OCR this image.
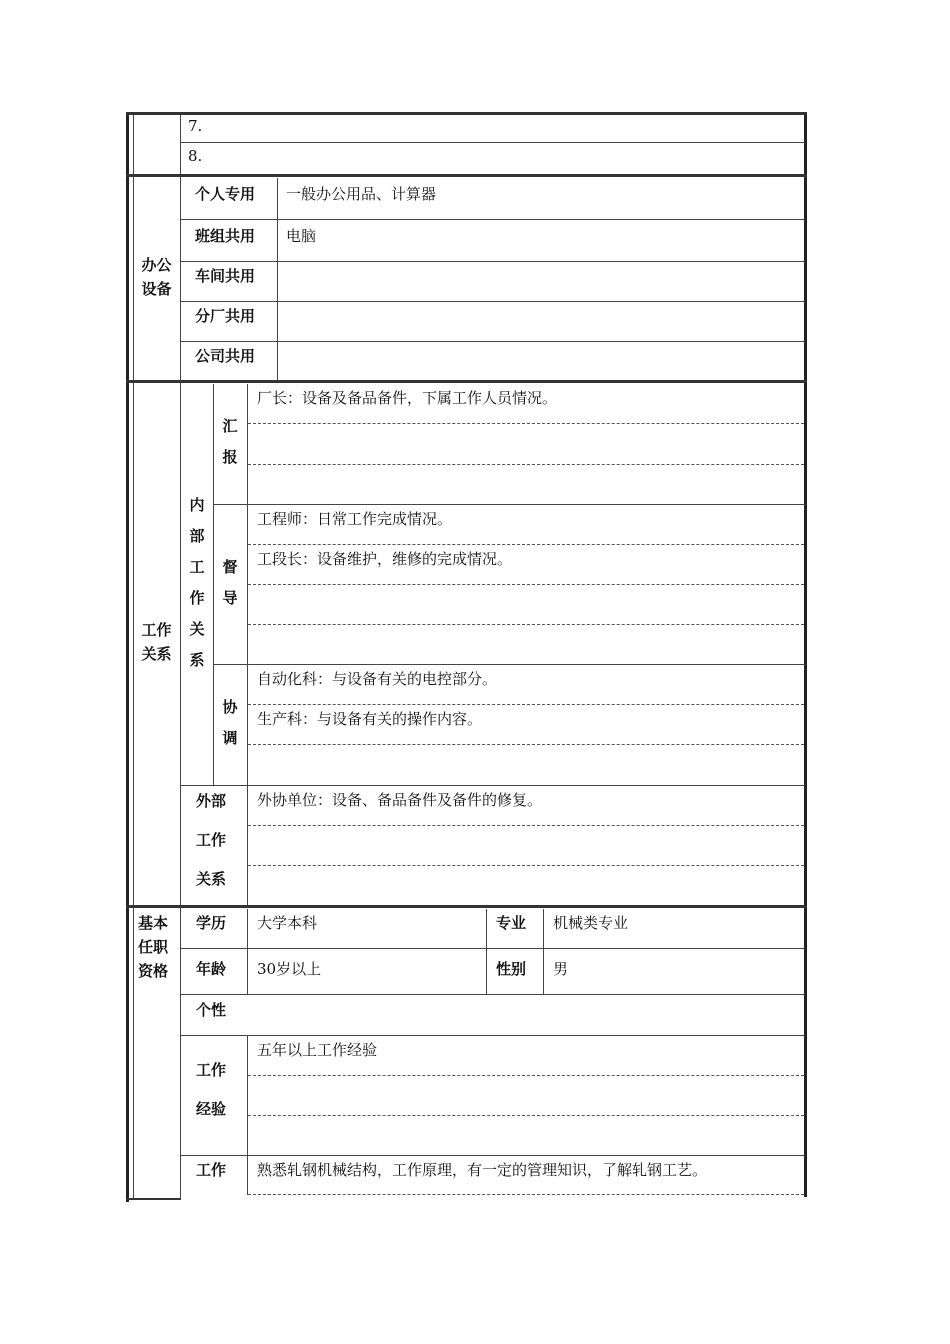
7.
8.
办公设备
个人专用 一般办公用品、计算器
班组共用 电脑
车间共用
分厂共用
公司共用
工作关系
内部工作关系
汇报
厂长：设备及备品备件，下属工作人员情况。
督导
工程师：日常工作完成情况。
工段长：设备维护，维修的完成情况。
协调
自动化科：与设备有关的电控部分。
生产科：与设备有关的操作内容。
外部
工作
关系
外协单位：设备、备品备件及备件的修复。
基本
任职
资格
学历 大学本科	专业 机械类专业
年龄 30岁以上	性别 男
个性
工作
经验
五年以上工作经验
工作 熟悉轧钢机械结构，工作原理，有一定的管理知识，了解轧钢工艺。
